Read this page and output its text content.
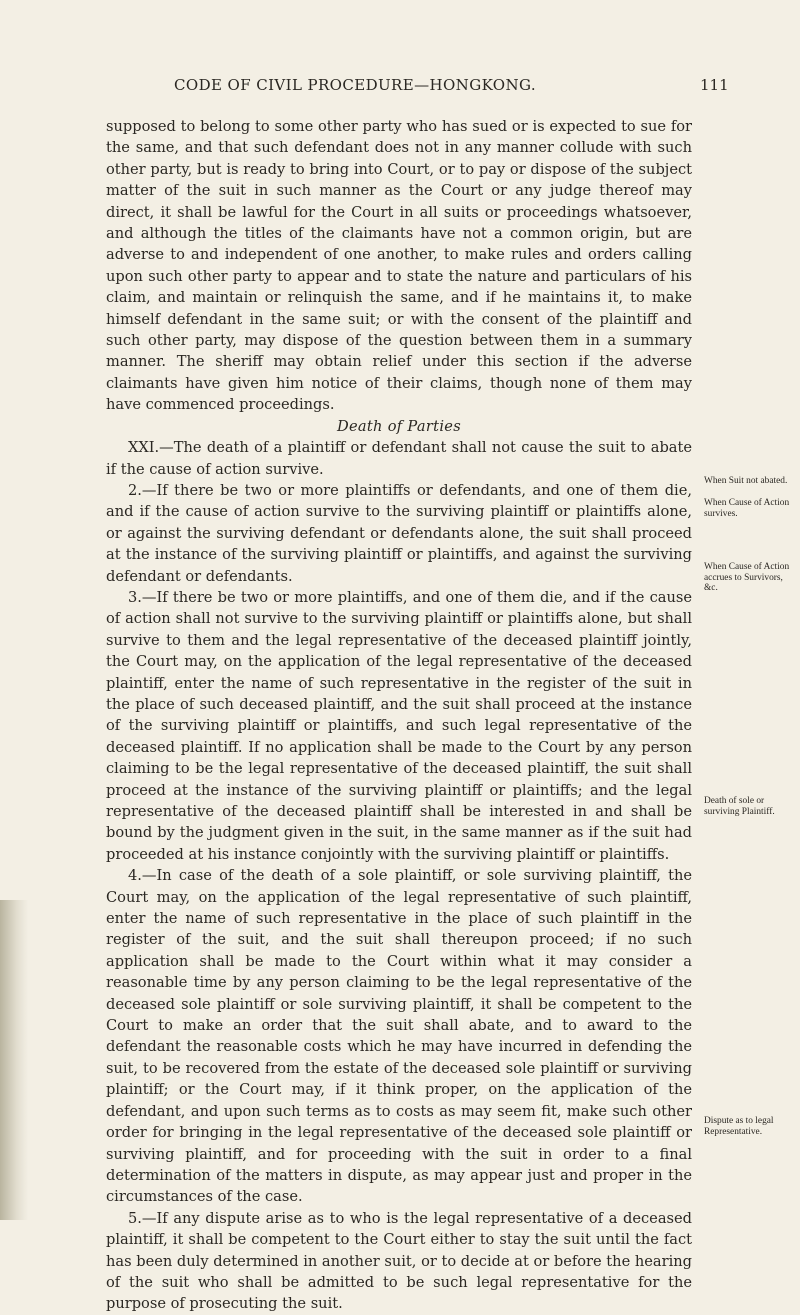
CODE OF CIVIL PROCEDURE—HONGKONG.	111

supposed to belong to some other party who has sued or is expected to sue for the same, and that such defendant does not in any manner collude with such other party, but is ready to bring into Court, or to pay or dispose of the subject matter of the suit in such manner as the Court or any judge thereof may direct, it shall be lawful for the Court in all suits or proceedings whatsoever, and although the titles of the claimants have not a common origin, but are adverse to and independent of one another, to make rules and orders calling upon such other party to appear and to state the nature and particulars of his claim, and maintain or relinquish the same, and if he maintains it, to make himself defendant in the same suit; or with the consent of the plaintiff and such other party, may dispose of the question between them in a summary manner. The sheriff may obtain relief under this section if the adverse claimants have given him notice of their claims, though none of them may have commenced proceedings.

Death of Parties

XXI.—The death of a plaintiff or defendant shall not cause the suit to abate if the cause of action survive.

2.—If there be two or more plaintiffs or defendants, and one of them die, and if the cause of action survive to the surviving plaintiff or plaintiffs alone, or against the surviving defendant or defendants alone, the suit shall proceed at the instance of the surviving plaintiff or plaintiffs, and against the surviving defendant or defendants.

3.—If there be two or more plaintiffs, and one of them die, and if the cause of action shall not survive to the surviving plaintiff or plaintiffs alone, but shall survive to them and the legal representative of the deceased plaintiff jointly, the Court may, on the application of the legal representative of the deceased plaintiff, enter the name of such representative in the register of the suit in the place of such deceased plaintiff, and the suit shall proceed at the instance of the surviving plaintiff or plaintiffs, and such legal representative of the deceased plaintiff. If no application shall be made to the Court by any person claiming to be the legal representative of the deceased plaintiff, the suit shall proceed at the instance of the surviving plaintiff or plaintiffs; and the legal representative of the deceased plaintiff shall be interested in and shall be bound by the judgment given in the suit, in the same manner as if the suit had proceeded at his instance conjointly with the surviving plaintiff or plaintiffs.

4.—In case of the death of a sole plaintiff, or sole surviving plaintiff, the Court may, on the application of the legal representative of such plaintiff, enter the name of such representative in the place of such plaintiff in the register of the suit, and the suit shall thereupon proceed; if no such application shall be made to the Court within what it may consider a reasonable time by any person claiming to be the legal representative of the deceased sole plaintiff or sole surviving plaintiff, it shall be competent to the Court to make an order that the suit shall abate, and to award to the defendant the reasonable costs which he may have incurred in defending the suit, to be recovered from the estate of the deceased sole plaintiff or surviving plaintiff; or the Court may, if it think proper, on the application of the defendant, and upon such terms as to costs as may seem fit, make such other order for bringing in the legal representative of the deceased sole plaintiff or surviving plaintiff, and for proceeding with the suit in order to a final determination of the matters in dispute, as may appear just and proper in the circumstances of the case.

5.—If any dispute arise as to who is the legal representative of a deceased plaintiff, it shall be competent to the Court either to stay the suit until the fact has been duly determined in another suit, or to decide at or before the hearing of the suit who shall be admitted to be such legal representative for the purpose of prosecuting the suit.

When Suit not abated.
When Cause of Action survives.
When Cause of Action accrues to Survivors, &c.
Death of sole or surviving Plaintiff.
Dispute as to legal Representative.
